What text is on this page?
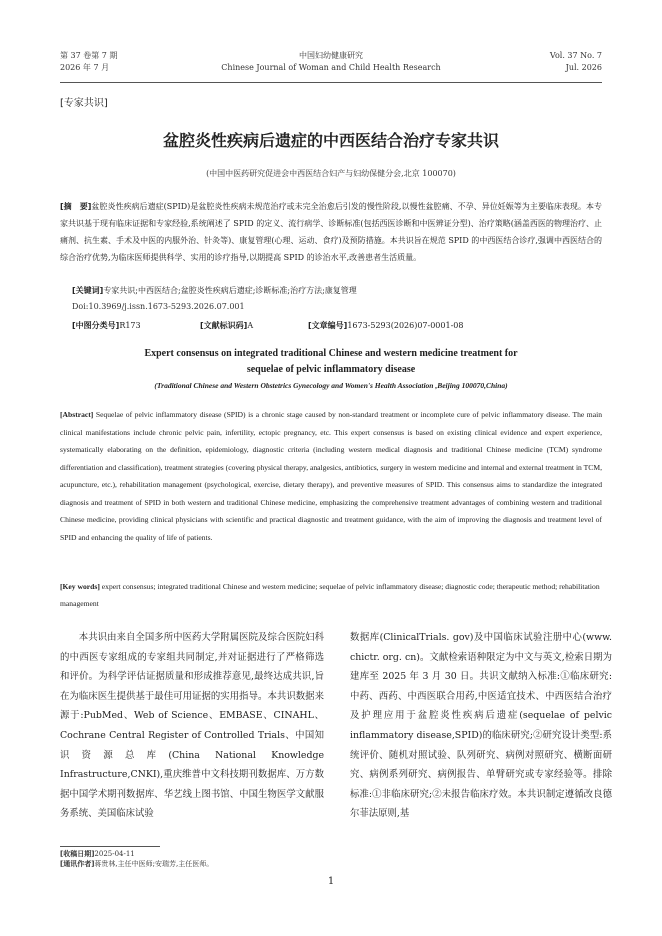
第 37 卷第 7 期
2026 年 7 月
中国妇幼健康研究
Chinese Journal of Woman and Child Health Research
Vol. 37 No. 7
Jul. 2026
[专家共识]
盆腔炎性疾病后遗症的中西医结合治疗专家共识
(中国中医药研究促进会中西医结合妇产与妇幼保健分会,北京 100070)
[摘　要]盆腔炎性疾病后遗症(SPID)是盆腔炎性疾病未规范治疗或未完全治愈后引发的慢性阶段,以慢性盆腔痛、不孕、异位妊娠等为主要临床表现。本专家共识基于现有临床证据和专家经验,系统阐述了 SPID 的定义、流行病学、诊断标准(包括西医诊断和中医辨证分型)、治疗策略(涵盖西医的物理治疗、止痛剂、抗生素、手术及中医的内服外治、针灸等)、康复管理(心理、运动、食疗)及预防措施。本共识旨在规范 SPID 的中西医结合诊疗,强调中西医结合的综合治疗优势,为临床医师提供科学、实用的诊疗指导,以期提高 SPID 的诊治水平,改善患者生活质量。
[关键词]专家共识;中西医结合;盆腔炎性疾病后遗症;诊断标准;治疗方法;康复管理
Doi:10.3969/j.issn.1673-5293.2026.07.001
[中图分类号]R173	[文献标识码]A	[文章编号]1673-5293(2026)07-0001-08
Expert consensus on integrated traditional Chinese and western medicine treatment for
sequelae of pelvic inflammatory disease
(Traditional Chinese and Western Obstetrics Gynecology and Women's Health Association ,Beijing 100070,China)
[Abstract] Sequelae of pelvic inflammatory disease (SPID) is a chronic stage caused by non-standard treatment or incomplete cure of pelvic inflammatory disease. The main clinical manifestations include chronic pelvic pain, infertility, ectopic pregnancy, etc. This expert consensus is based on existing clinical evidence and expert experience, systematically elaborating on the definition, epidemiology, diagnostic criteria (including western medical diagnosis and traditional Chinese medicine (TCM) syndrome differentiation and classification), treatment strategies (covering physical therapy, analgesics, antibiotics, surgery in western medicine and internal and external treatment in TCM, acupuncture, etc.), rehabilitation management (psychological, exercise, dietary therapy), and preventive measures of SPID. This consensus aims to standardize the integrated diagnosis and treatment of SPID in both western and traditional Chinese medicine, emphasizing the comprehensive treatment advantages of combining western and traditional Chinese medicine, providing clinical physicians with scientific and practical diagnostic and treatment guidance, with the aim of improving the diagnosis and treatment level of SPID and enhancing the quality of life of patients.
[Key words] expert consensus; integrated traditional Chinese and western medicine; sequelae of pelvic inflammatory disease; diagnostic code; therapeutic method; rehabilitation management
本共识由来自全国多所中医药大学附属医院及综合医院妇科的中西医专家组成的专家组共同制定,并对证据进行了严格筛选和评价。为科学评估证据质量和形成推荐意见,最终达成共识,旨在为临床医生提供基于最佳可用证据的实用指导。本共识数据来源于:PubMed、Web of Science、EMBASE、CINAHL、Cochrane Central Register of Controlled Trials、中国知识资源总库(China National Knowledge Infrastructure,CNKI),重庆维普中文科技期刊数据库、万方数据中国学术期刊数据库、华艺线上图书馆、中国生物医学文献服务系统、美国临床试验
数据库(ClinicalTrials. gov)及中国临床试验注册中心(www. chictr. org. cn)。文献检索语种限定为中文与英文,检索日期为建库至 2025 年 3 月 30 日。共识文献纳入标准:①临床研究:中药、西药、中西医联合用药,中医适宜技术、中西医结合治疗及护理应用于盆腔炎性疾病后遗症(sequelae of pelvic inflammatory disease,SPID)的临床研究;②研究设计类型:系统评价、随机对照试验、队列研究、病例对照研究、横断面研究、病例系列研究、病例报告、单臂研究或专家经验等。排除标准:①非临床研究;②未报告临床疗效。本共识制定遵循改良德尔菲法原则,基
[收稿日期]2025-04-11
[通讯作者]蒋贵林,主任中医师;安瑞芳,主任医师。
1
